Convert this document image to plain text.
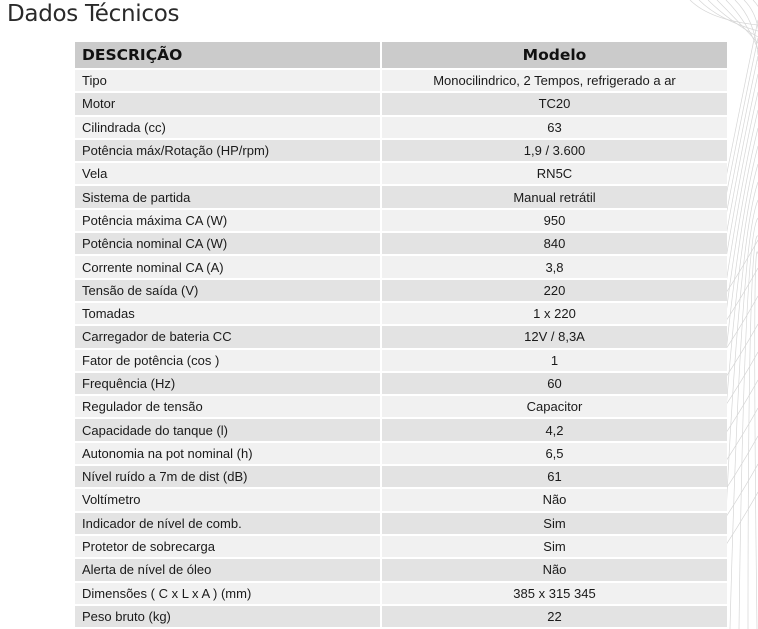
Dados Técnicos
DESCRIÇÃO	Modelo
Tipo	Monocilindrico, 2 Tempos, refrigerado a ar
Motor	TC20
Cilindrada (cc)	63
Potência máx/Rotação (HP/rpm)	1,9 / 3.600
Vela	RN5C
Sistema de partida	Manual retrátil
Potência máxima CA (W)	950
Potência nominal CA (W)	840
Corrente nominal CA (A)	3,8
Tensão de saída (V)	220
Tomadas	1 x 220
Carregador de bateria CC	12V / 8,3A
Fator de potência (cos )	1
Frequência (Hz)	60
Regulador de tensão	Capacitor
Capacidade do tanque (l)	4,2
Autonomia na pot nominal (h)	6,5
Nível ruído a 7m de dist (dB)	61
Voltímetro	Não
Indicador de nível de comb.	Sim
Protetor de sobrecarga	Sim
Alerta de nível de óleo	Não
Dimensões ( C x L x A ) (mm)	385 x 315 345
Peso bruto (kg)	22
